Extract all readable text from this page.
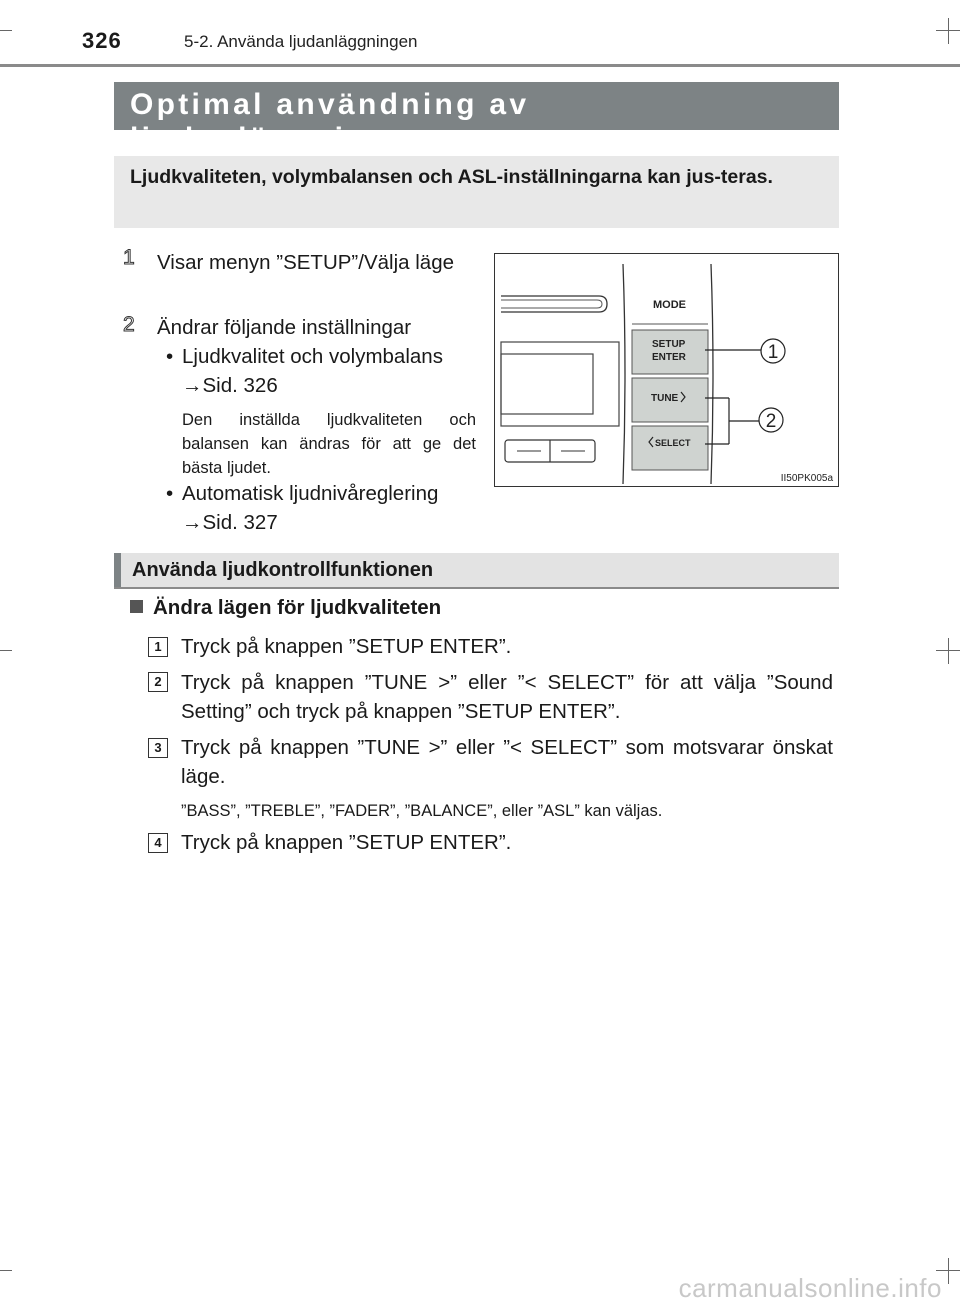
326	5-2. Använda ljudanläggningen
Optimal användning av ljudanläggningen

Ljudkvaliteten, volymbalansen och ASL-inställningarna kan jus-teras.

1 Visar menyn ”SETUP”/Välja läge
2 Ändrar följande inställningar
• Ljudkvalitet och volymbalans
→Sid. 326
Den inställda ljudkvaliteten och balansen kan ändras för att ge det bästa ljudet.
• Automatisk ljudnivåreglering
→Sid. 327
MODE
SETUP
ENTER
TUNE
SELECT
1
2
II50PK005a
Använda ljudkontrollfunktionen
Ändra lägen för ljudkvaliteten
1 Tryck på knappen ”SETUP ENTER”.
2 Tryck på knappen ”TUNE >” eller ”< SELECT” för att välja ”Sound Setting” och tryck på knappen ”SETUP ENTER”.
3 Tryck på knappen ”TUNE >” eller ”< SELECT” som motsvarar önskat läge.
”BASS”, ”TREBLE”, ”FADER”, ”BALANCE”, eller ”ASL” kan väljas.
4 Tryck på knappen ”SETUP ENTER”.
carmanualsonline.info
